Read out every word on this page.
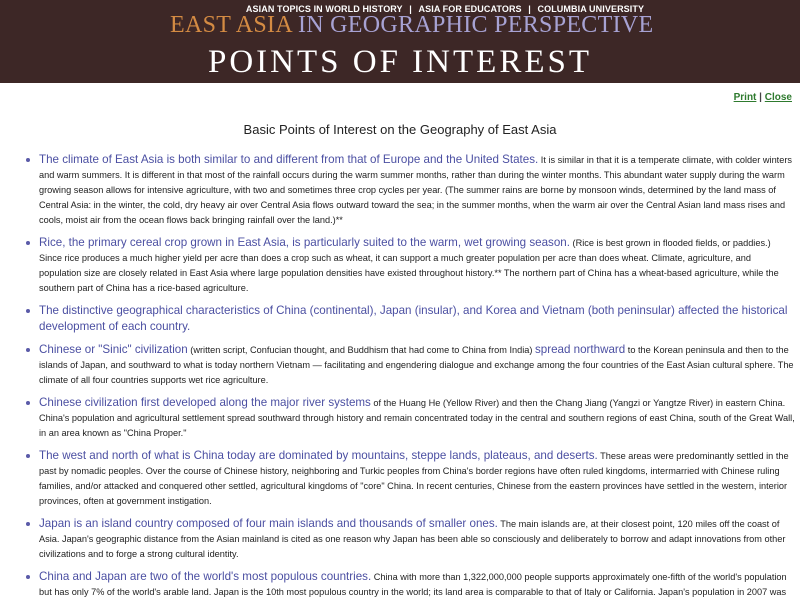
ASIAN TOPICS IN WORLD HISTORY | ASIA FOR EDUCATORS | COLUMBIA UNIVERSITY
EAST ASIA IN GEOGRAPHIC PERSPECTIVE
POINTS OF INTEREST
Print | Close
Basic Points of Interest on the Geography of East Asia
The climate of East Asia is both similar to and different from that of Europe and the United States. It is similar in that it is a temperate climate, with colder winters and warm summers. It is different in that most of the rainfall occurs during the warm summer months, rather than during the winter months. This abundant water supply during the warm growing season allows for intensive agriculture, with two and sometimes three crop cycles per year. (The summer rains are borne by monsoon winds, determined by the land mass of Central Asia: in the winter, the cold, dry heavy air over Central Asia flows outward toward the sea; in the summer months, when the warm air over the Central Asian land mass rises and cools, moist air from the ocean flows back bringing rainfall over the land.)**
Rice, the primary cereal crop grown in East Asia, is particularly suited to the warm, wet growing season. (Rice is best grown in flooded fields, or paddies.) Since rice produces a much higher yield per acre than does a crop such as wheat, it can support a much greater population per acre than does wheat. Climate, agriculture, and population size are closely related in East Asia where large population densities have existed throughout history.** The northern part of China has a wheat-based agriculture, while the southern part of China has a rice-based agriculture.
The distinctive geographical characteristics of China (continental), Japan (insular), and Korea and Vietnam (both peninsular) affected the historical development of each country.
Chinese or "Sinic" civilization (written script, Confucian thought, and Buddhism that had come to China from India) spread northward to the Korean peninsula and then to the islands of Japan, and southward to what is today northern Vietnam — facilitating and engendering dialogue and exchange among the four countries of the East Asian cultural sphere. The climate of all four countries supports wet rice agriculture.
Chinese civilization first developed along the major river systems of the Huang He (Yellow River) and then the Chang Jiang (Yangzi or Yangtze River) in eastern China. China's population and agricultural settlement spread southward through history and remain concentrated today in the central and southern regions of east China, south of the Great Wall, in an area known as "China Proper."
The west and north of what is China today are dominated by mountains, steppe lands, plateaus, and deserts. These areas were predominantly settled in the past by nomadic peoples. Over the course of Chinese history, neighboring and Turkic peoples from China's border regions have often ruled kingdoms, intermarried with Chinese ruling families, and/or attacked and conquered other settled, agricultural kingdoms of "core" China. In recent centuries, Chinese from the eastern provinces have settled in the western, interior provinces, often at government instigation.
Japan is an island country composed of four main islands and thousands of smaller ones. The main islands are, at their closest point, 120 miles off the coast of Asia. Japan's geographic distance from the Asian mainland is cited as one reason why Japan has been able so consciously and deliberately to borrow and adapt innovations from other civilizations and to forge a strong cultural identity.
China and Japan are two of the world's most populous countries. China with more than 1,322,000,000 people supports approximately one-fifth of the world's population but has only 7% of the world's arable land. Japan is the 10th most populous country in the world; its land area is comparable to that of Italy or California. Japan's population in 2007 was
